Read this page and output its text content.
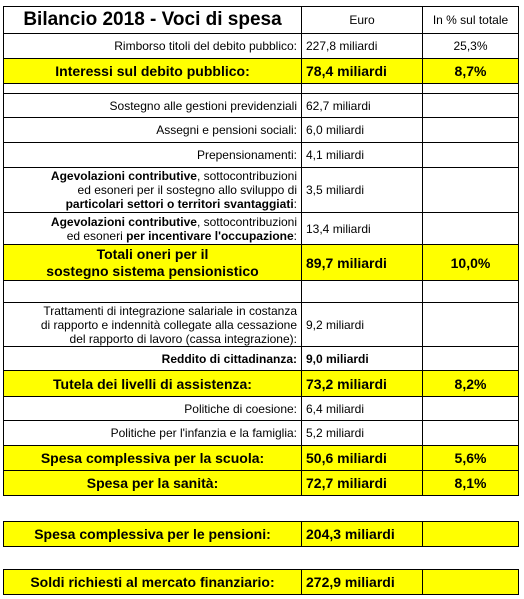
Bilancio 2018 - Voci di spesa	Euro	In % sul totale
Rimborso titoli del debito pubblico:	227,8 miliardi	25,3%
Interessi sul debito pubblico:	78,4 miliardi	8,7%

Sostegno alle gestioni previdenziali	62,7 miliardi	
Assegni e pensioni sociali:	6,0 miliardi	
Prepensionamenti:	4,1 miliardi	
Agevolazioni contributive, sottocontribuzioni
ed esoneri per il sostegno allo sviluppo di
particolari settori o territori svantaggiati:	3,5 miliardi	
Agevolazioni contributive, sottocontribuzioni
ed esoneri per incentivare l'occupazione:	13,4 miliardi	
Totali oneri per il
sostegno sistema pensionistico	89,7 miliardi	10,0%

Trattamenti di integrazione salariale in costanza
di rapporto e indennità collegate alla cessazione
del rapporto di lavoro (cassa integrazione):	9,2 miliardi	
Reddito di cittadinanza:	9,0 miliardi	
Tutela dei livelli di assistenza:	73,2 miliardi	8,2%
Politiche di coesione:	6,4 miliardi	
Politiche per l'infanzia e la famiglia:	5,2 miliardi	
Spesa complessiva per la scuola:	50,6 miliardi	5,6%
Spesa per la sanità:	72,7 miliardi	8,1%
Spesa complessiva per le pensioni:	204,3 miliardi	
Soldi richiesti al mercato finanziario:	272,9 miliardi	
